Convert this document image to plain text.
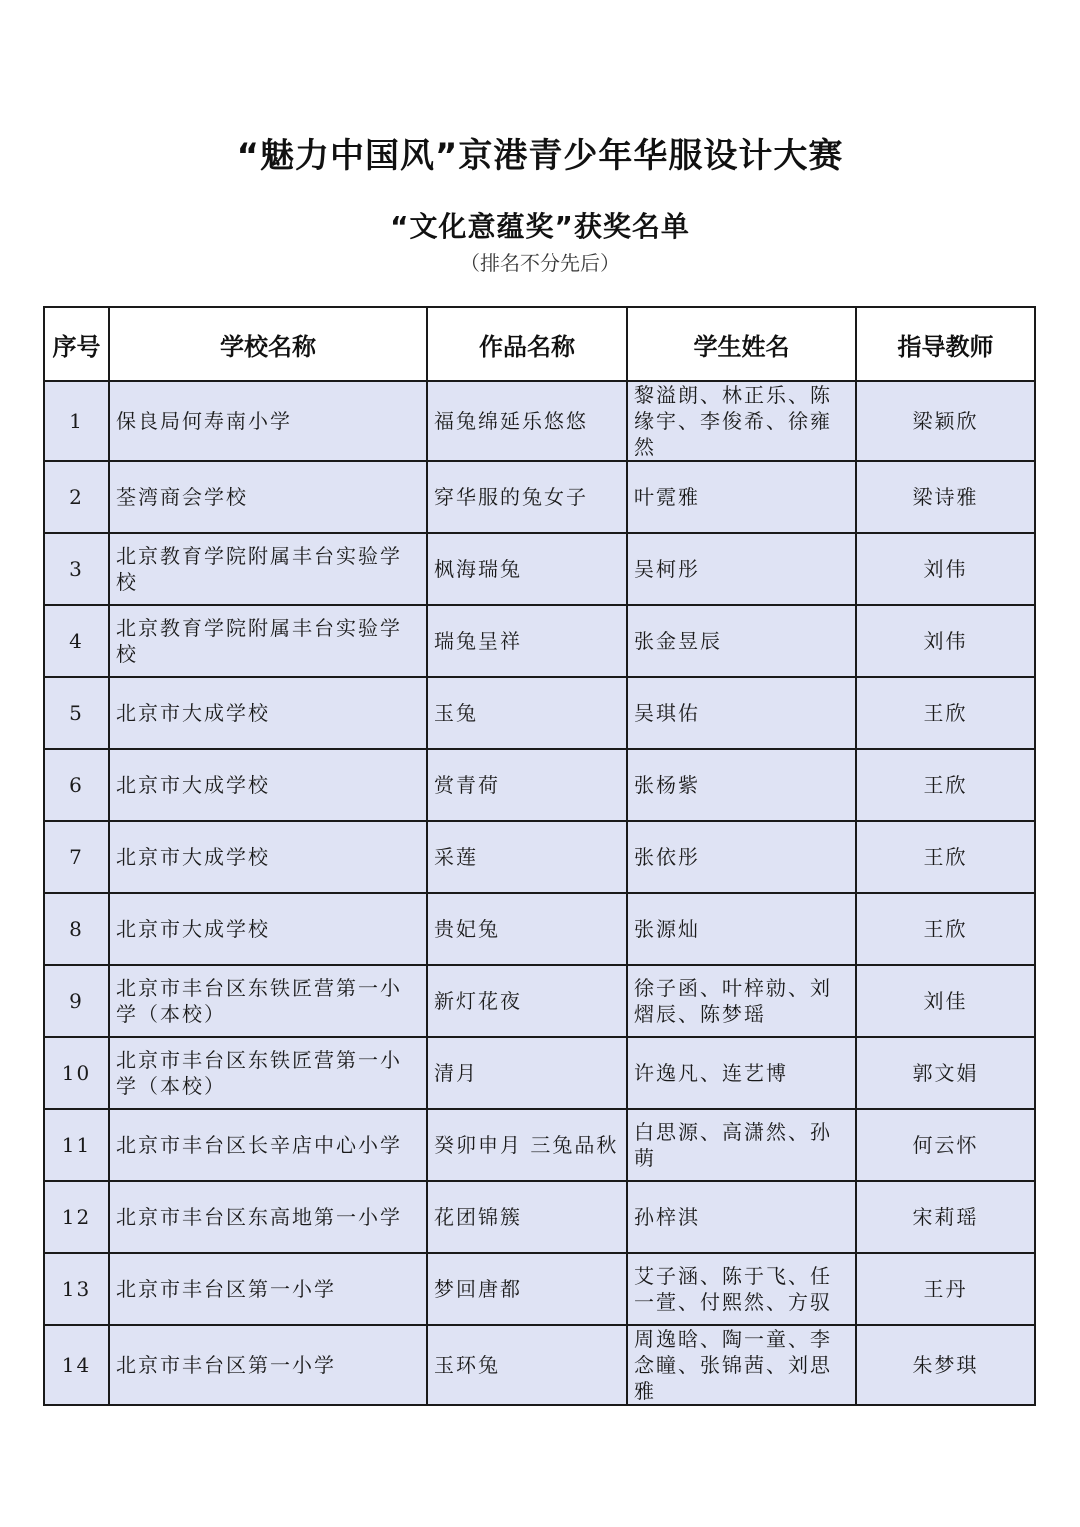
“魅力中国风”京港青少年华服设计大赛
“文化意蕴奖”获奖名单
（排名不分先后）
序号	学校名称	作品名称	学生姓名	指导教师
1	保良局何寿南小学	福兔绵延乐悠悠	黎溢朗、林正乐、陈缘宇、李俊希、徐雍然	梁颖欣
2	荃湾商会学校	穿华服的兔女子	叶霓雅	梁诗雅
3	北京教育学院附属丰台实验学校	枫海瑞兔	吴柯彤	刘伟
4	北京教育学院附属丰台实验学校	瑞兔呈祥	张金昱辰	刘伟
5	北京市大成学校	玉兔	吴琪佑	王欣
6	北京市大成学校	赏青荷	张杨紫	王欣
7	北京市大成学校	采莲	张依彤	王欣
8	北京市大成学校	贵妃兔	张源灿	王欣
9	北京市丰台区东铁匠营第一小学（本校）	新灯花夜	徐子函、叶梓勍、刘熠辰、陈梦瑶	刘佳
10	北京市丰台区东铁匠营第一小学（本校）	清月	许逸凡、连艺博	郭文娟
11	北京市丰台区长辛店中心小学	癸卯申月 三兔品秋	白思源、高潇然、孙萌	何云怀
12	北京市丰台区东高地第一小学	花团锦簇	孙梓淇	宋莉瑶
13	北京市丰台区第一小学	梦回唐都	艾子涵、陈于飞、任一萱、付熙然、方驭	王丹
14	北京市丰台区第一小学	玉环兔	周逸晗、陶一童、李念瞳、张锦茜、刘思雅	朱梦琪
